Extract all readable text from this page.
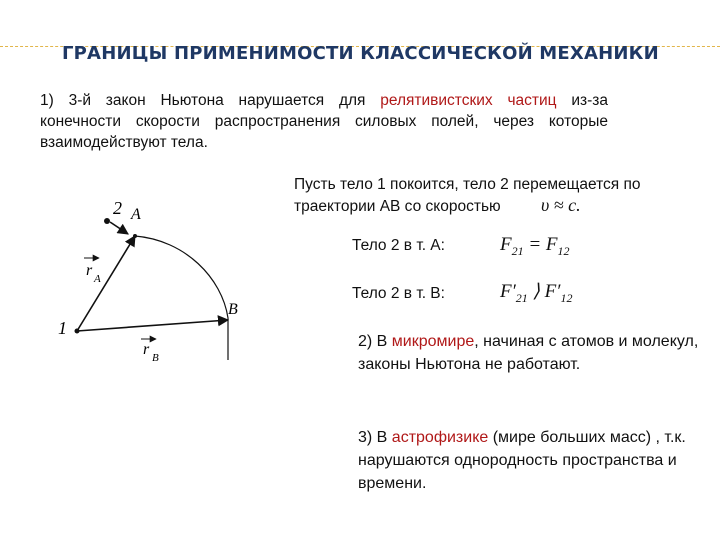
ГРАНИЦЫ ПРИМЕНИМОСТИ КЛАССИЧЕСКОЙ МЕХАНИКИ
1) 3-й закон Ньютона нарушается для релятивистских частиц из-за конечности скорости распространения силовых полей, через которые взаимодействуют тела.
Пусть тело 1 покоится, тело 2 перемещается по траектории АВ со скоростью υ ≈ c.
Тело 2 в т. А:	$F_{21} = F_{12}$
Тело 2 в т. В:	$F'_{21}$ ⟩ $F'_{12}$
2 A
1
B
r A
r B
2) В микромире, начиная с атомов и молекул, законы Ньютона не работают.
3) В астрофизике (мире больших масс) , т.к. нарушаются однородность пространства и времени.
